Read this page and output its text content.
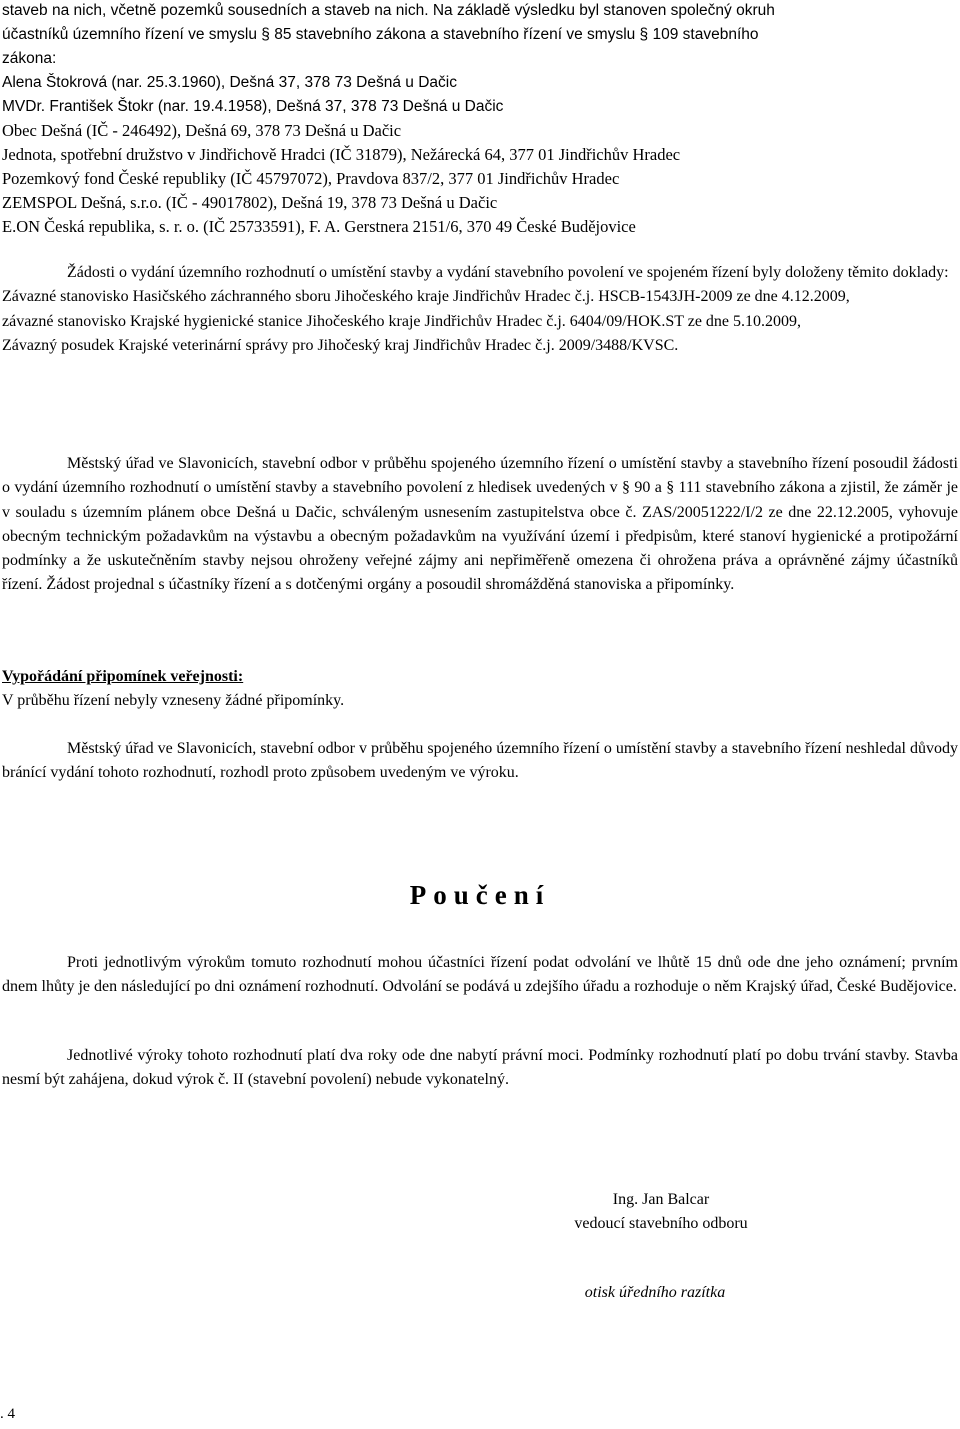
staveb na nich, včetně pozemků sousedních a staveb na nich. Na základě výsledku byl stanoven společný okruh
účastníků územního řízení ve smyslu § 85 stavebního zákona a stavebního řízení ve smyslu § 109 stavebního
zákona:
Alena Štokrová (nar. 25.3.1960), Dešná 37, 378 73 Dešná u Dačic
MVDr. František Štokr (nar. 19.4.1958), Dešná 37, 378 73 Dešná u Dačic
Obec Dešná (IČ - 246492), Dešná 69, 378 73 Dešná u Dačic
Jednota, spotřební družstvo v Jindřichově Hradci (IČ 31879), Nežárecká 64, 377 01 Jindřichův Hradec
Pozemkový fond České republiky (IČ 45797072), Pravdova 837/2, 377 01 Jindřichův Hradec
ZEMSPOL Dešná, s.r.o. (IČ - 49017802), Dešná 19, 378 73 Dešná u Dačic
E.ON Česká republika, s. r. o. (IČ 25733591), F. A. Gerstnera 2151/6, 370 49 České Budějovice

Žádosti o vydání územního rozhodnutí o umístění stavby a vydání stavebního povolení ve spojeném řízení byly doloženy těmito doklady:

Závazné stanovisko Hasičského záchranného sboru Jihočeského kraje Jindřichův Hradec č.j. HSCB-1543JH-2009 ze dne 4.12.2009,

závazné stanovisko Krajské hygienické stanice Jihočeského kraje Jindřichův Hradec č.j. 6404/09/HOK.ST ze dne 5.10.2009,

Závazný posudek Krajské veterinární správy pro Jihočeský kraj Jindřichův Hradec č.j. 2009/3488/KVSC.

Městský úřad ve Slavonicích, stavební odbor v průběhu spojeného územního řízení o umístění stavby a stavebního řízení posoudil žádosti o vydání územního rozhodnutí o umístění stavby a stavebního povolení z hledisek uvedených v § 90 a § 111 stavebního zákona a zjistil, že záměr je v souladu s územním plánem obce Dešná u Dačic, schváleným usnesením zastupitelstva obce č. ZAS/20051222/I/2 ze dne 22.12.2005, vyhovuje obecným technickým požadavkům na výstavbu a obecným požadavkům na využívání území i předpisům, které stanoví hygienické a protipožární podmínky a že uskutečněním stavby nejsou ohroženy veřejné zájmy ani nepřiměřeně omezena či ohrožena práva a oprávněné zájmy účastníků řízení. Žádost projednal s účastníky řízení a s dotčenými orgány a posoudil shromážděná stanoviska a připomínky.

Vypořádání připomínek veřejnosti:

V průběhu řízení nebyly vzneseny žádné připomínky.

Městský úřad ve Slavonicích, stavební odbor v průběhu spojeného územního řízení o umístění stavby a stavebního řízení neshledal důvody bránící vydání tohoto rozhodnutí, rozhodl proto způsobem uvedeným ve výroku.

Poučení

Proti jednotlivým výrokům tomuto rozhodnutí mohou účastníci řízení podat odvolání ve lhůtě 15 dnů ode dne jeho oznámení; prvním dnem lhůty je den následující po dni oznámení rozhodnutí. Odvolání se podává u zdejšího úřadu a rozhoduje o něm Krajský úřad, České Budějovice.

Jednotlivé výroky tohoto rozhodnutí platí dva roky ode dne nabytí právní moci. Podmínky rozhodnutí platí po dobu trvání stavby. Stavba nesmí být zahájena, dokud výrok č. II (stavební povolení) nebude vykonatelný.

Ing. Jan Balcar
vedoucí stavebního odboru
otisk úředního razítka
. 4
